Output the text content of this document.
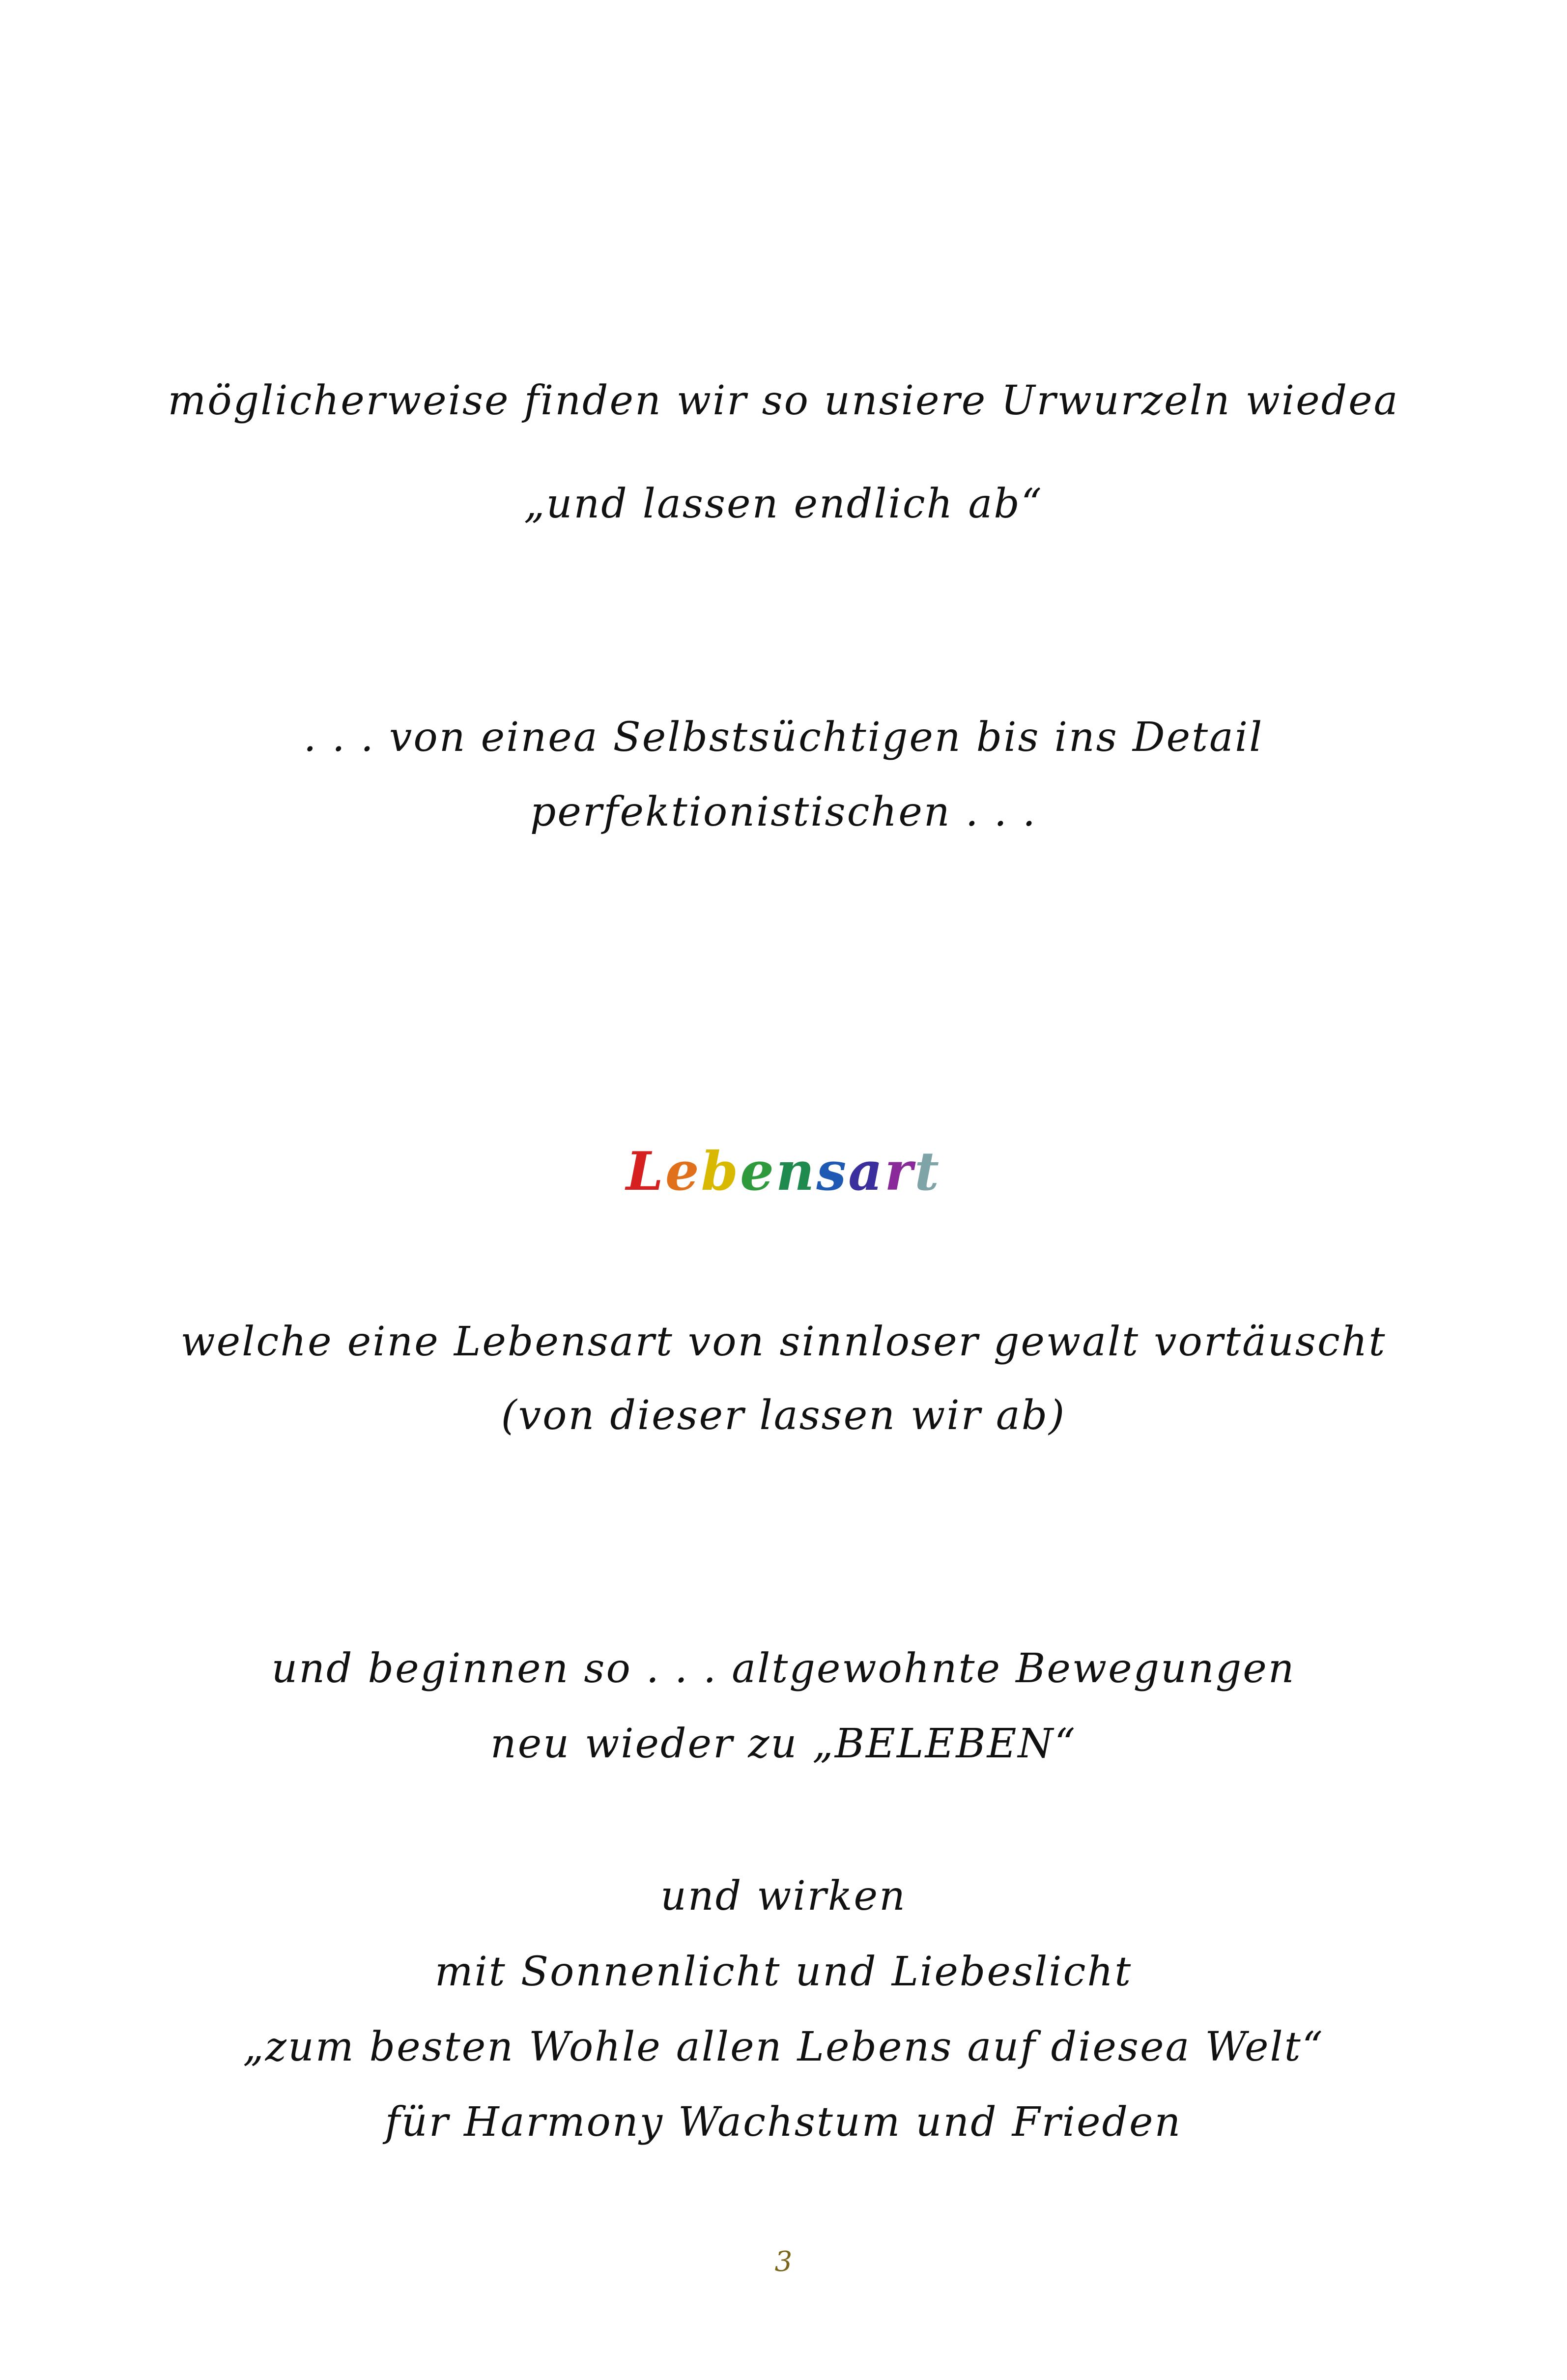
möglicherweise finden wir so unsiere Urwurzeln wiedea
„und lassen endlich ab“
. . . von einea Selbstsüchtigen bis ins Detail
perfektionistischen . . .
Lebensart
welche eine Lebensart von sinnloser gewalt vortäuscht
(von dieser lassen wir ab)
und beginnen so . . . altgewohnte Bewegungen
neu wieder zu „BELEBEN“
und wirken
mit Sonnenlicht und Liebeslicht
„zum besten Wohle allen Lebens auf diesea Welt“
für Harmony Wachstum und Frieden
3
